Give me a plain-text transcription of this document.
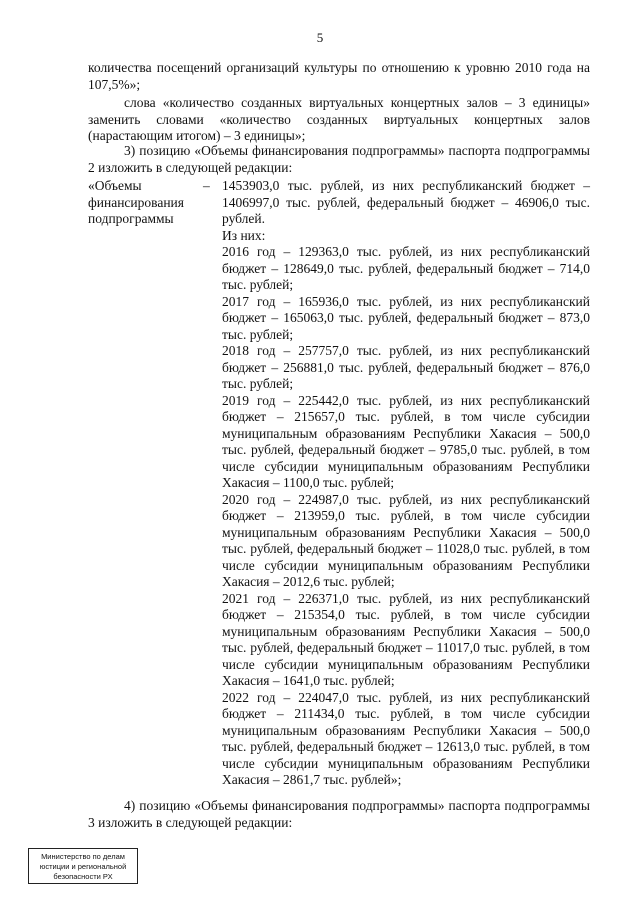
5

количества посещений организаций культуры по отношению к уровню 2010 года на 107,5%»;

слова «количество созданных виртуальных концертных залов – 3 единицы» заменить словами «количество созданных виртуальных концертных залов (нарастающим итогом) – 3 единицы»;

3) позицию «Объемы финансирования подпрограммы» паспорта подпрограммы 2 изложить в следующей редакции:

«Объемы финансирования подпрограммы
– 1453903,0 тыс. рублей, из них республиканский бюджет – 1406997,0 тыс. рублей, федеральный бюджет – 46906,0 тыс. рублей.

Из них:

2016 год – 129363,0 тыс. рублей, из них республиканский бюджет – 128649,0 тыс. рублей, федеральный бюджет – 714,0 тыс. рублей;

2017 год – 165936,0 тыс. рублей, из них республиканский бюджет – 165063,0 тыс. рублей, федеральный бюджет – 873,0 тыс. рублей;

2018 год – 257757,0 тыс. рублей, из них республиканский бюджет – 256881,0 тыс. рублей, федеральный бюджет – 876,0 тыс. рублей;

2019 год – 225442,0 тыс. рублей, из них республиканский бюджет – 215657,0 тыс. рублей, в том числе субсидии муниципальным образованиям Республики Хакасия – 500,0 тыс. рублей, федеральный бюджет – 9785,0 тыс. рублей, в том числе субсидии муниципальным образованиям Республики Хакасия – 1100,0 тыс. рублей;

2020 год – 224987,0 тыс. рублей, из них республиканский бюджет – 213959,0 тыс. рублей, в том числе субсидии муниципальным образованиям Республики Хакасия – 500,0 тыс. рублей, федеральный бюджет – 11028,0 тыс. рублей, в том числе субсидии муниципальным образованиям Республики Хакасия – 2012,6 тыс. рублей;

2021 год – 226371,0 тыс. рублей, из них республиканский бюджет – 215354,0 тыс. рублей, в том числе субсидии муниципальным образованиям Республики Хакасия – 500,0 тыс. рублей, федеральный бюджет – 11017,0 тыс. рублей, в том числе субсидии муниципальным образованиям Республики Хакасия – 1641,0 тыс. рублей;

2022 год – 224047,0 тыс. рублей, из них республиканский бюджет – 211434,0 тыс. рублей, в том числе субсидии муниципальным образованиям Республики Хакасия – 500,0 тыс. рублей, федеральный бюджет – 12613,0 тыс. рублей, в том числе субсидии муниципальным образованиям Республики Хакасия – 2861,7 тыс. рублей»;

4) позицию «Объемы финансирования подпрограммы» паспорта подпрограммы 3 изложить в следующей редакции:

Министерство по делам
юстиции и региональной
безопасности РХ
